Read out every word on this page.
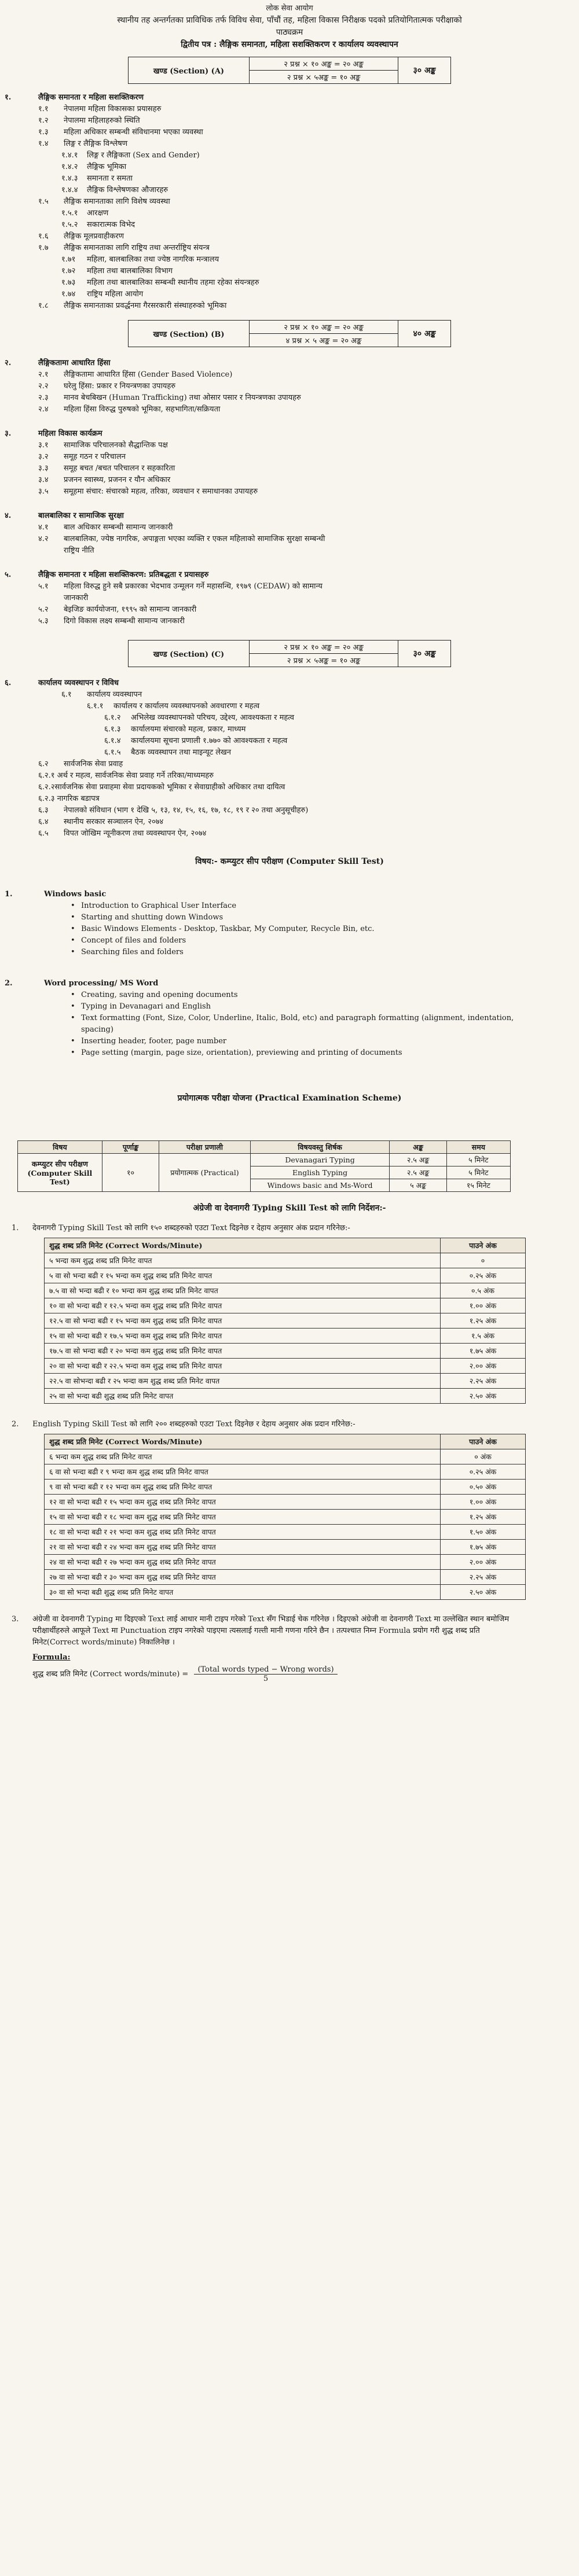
लोक सेवा आयोग
स्थानीय तह अन्तर्गतका प्राविधिक तर्फ विविध सेवा, पाँचौं तह, महिला विकास निरीक्षक पदको प्रतियोगितात्मक परीक्षाको
पाठ्यक्रम
द्वितीय पत्र : लैङ्गिक समानता, महिला सशक्तिकरण र कार्यालय व्यवस्थापन
खण्ड (Section) (A)	२ प्रश्न × १० अङ्क = २० अङ्क	३० अङ्क
२ प्रश्न × ५अङ्क = १० अङ्क
१.	लैङ्गिक समानता र महिला सशक्तिकरण
१.१ नेपालमा महिला विकासका प्रयासहरु
१.२ नेपालमा महिलाहरुको स्थिति
१.३ महिला अधिकार सम्बन्धी संविधानमा भएका व्यवस्था
१.४ लिङ्ग र लैङ्गिक विश्लेषण
१.४.१ लिङ्ग र लैङ्गिकता (Sex and Gender)
१.४.२ लैङ्गिक भूमिका
१.४.३ समानता र समता
१.४.४ लैङ्गिक विश्लेषणका औजारहरु
१.५ लैङ्गिक समानताका लागि विशेष व्यवस्था
१.५.१ आरक्षण
१.५.२ सकारात्मक विभेद
१.६ लैङ्गिक मूलप्रवाहीकरण
१.७ लैङ्गिक समानताका लागि राष्ट्रिय तथा अन्तर्राष्ट्रिय संयन्त्र
१.७१ महिला, बालबालिका तथा ज्येष्ठ नागरिक मन्त्रालय
१.७२ महिला तथा बालबालिका विभाग
१.७३ महिला तथा बालबालिका सम्बन्धी स्थानीय तहमा रहेका संयन्त्रहरु
१.७४ राष्ट्रिय महिला आयोग
१.८ लैङ्गिक समानताका प्रवर्द्धनमा गैरसरकारी संस्थाहरुको भूमिका
खण्ड (Section) (B)	२ प्रश्न × १० अङ्क = २० अङ्क	४० अङ्क
४ प्रश्न × ५ अङ्क = २० अङ्क
२.	लैङ्गिकतामा आधारित हिंसा
२.१ लैङ्गिकतामा आधारित हिंसा (Gender Based Violence)
२.२ घरेलु हिंसा: प्रकार र नियन्त्रणका उपायहरु
२.३ मानव बेचबिखन (Human Trafficking) तथा ओसार पसार र नियन्त्रणका उपायहरु
२.४ महिला हिंसा विरुद्ध पुरुषको भूमिका, सहभागिता/सक्रियता
३.	महिला विकास कार्यक्रम
३.१ सामाजिक परिचालनको सैद्धान्तिक पक्ष
३.२ समूह गठन र परिचालन
३.३ समूह बचत /बचत परिचालन र सहकारिता
३.४ प्रजनन स्वास्थ्य, प्रजनन र यौन अधिकार
३.५ समूहमा संचार: संचारको महत्व, तरिका, व्यवधान र समाधानका उपायहरु
४.	बालबालिका र सामाजिक सुरक्षा
४.१ बाल अधिकार सम्बन्धी सामान्य जानकारी
४.२ बालबालिका, ज्येष्ठ नागरिक, अपाङ्गता भएका व्यक्ति र एकल महिलाको सामाजिक सुरक्षा सम्बन्धी
राष्ट्रिय नीति
५.	लैङ्गिक समानता र महिला सशक्तिकरण: प्रतिबद्धता र प्रयासहरु
५.१ महिला विरुद्ध हुने सबै प्रकारका भेदभाव उन्मूलन गर्ने महासन्धि, १९७९ (CEDAW) को सामान्य
जानकारी
५.२ बेइजिङ कार्ययोजना, १९९५ को सामान्य जानकारी
५.३ दिगो विकास लक्ष्य सम्बन्धी सामान्य जानकारी
खण्ड (Section) (C)	२ प्रश्न × १० अङ्क = २० अङ्क	३० अङ्क
२ प्रश्न × ५अङ्क = १० अङ्क
६.	कार्यालय व्यवस्थापन र विविध
६.१ कार्यालय व्यवस्थापन
६.१.१ कार्यालय र कार्यालय व्यवस्थापनको अवधारणा र महत्व
६.१.२ अभिलेख व्यवस्थापनको परिचय, उद्देश्य, आवश्यकता र महत्व
६.१.३ कार्यालयमा संचारको महत्व, प्रकार, माध्यम
६.१.४ कार्यालयमा सूचना प्रणाली १.७७० को आवश्यकता र महत्व
६.१.५ बैठक व्यवस्थापन तथा माइन्यूट लेखन
६.२ सार्वजनिक सेवा प्रवाह
६.२.१ अर्थ र महत्व, सार्वजनिक सेवा प्रवाह गर्ने तरिका/माध्यमहरु
६.२.२सार्वजनिक सेवा प्रवाहमा सेवा प्रदायकको भूमिका र सेवाग्राहीको अधिकार तथा दायित्व
६.२.३ नागरिक बडापत्र
६.३ नेपालको संविधान (भाग १ देखि ५, १३, १४, १५, १६, १७, १८, १९ र २० तथा अनुसूचीहरु)
६.४ स्थानीय सरकार सञ्चालन ऐन, २०७४
६.५ विपत जोखिम न्यूनीकरण तथा व्यवस्थापन ऐन, २०७४
विषय:- कम्प्युटर सीप परीक्षण (Computer Skill Test)
1.	Windows basic
• Introduction to Graphical User Interface
• Starting and shutting down Windows
• Basic Windows Elements - Desktop, Taskbar, My Computer, Recycle Bin, etc.
• Concept of files and folders
• Searching files and folders
2.	Word processing/ MS Word
• Creating, saving and opening documents
• Typing in Devanagari and English
• Text formatting (Font, Size, Color, Underline, Italic, Bold, etc) and paragraph formatting (alignment, indentation, spacing)
• Inserting header, footer, page number
• Page setting (margin, page size, orientation), previewing and printing of documents
प्रयोगात्मक परीक्षा योजना (Practical Examination Scheme)
विषय	पूर्णाङ्क	परीक्षा प्रणाली	विषयवस्तु शिर्षक	अङ्क	समय
कम्प्युटर सीप परीक्षण (Computer Skill Test)	१०	प्रयोगात्मक (Practical)	Devanagari Typing	२.५ अङ्क	५ मिनेट
			English Typing	२.५ अङ्क	५ मिनेट
			Windows basic and Ms-Word	५ अङ्क	१५ मिनेट
अंग्रेजी वा देवनागरी Typing Skill Test को लागि निर्देशन:-
1. देवनागरी Typing Skill Test को लागि १५० शब्दहरुको एउटा Text दिइनेछ र देहाय अनुसार अंक प्रदान गरिनेछ:-
शुद्ध शब्द प्रति मिनेट (Correct Words/Minute)	पाउने अंक
५ भन्दा कम शुद्ध शब्द प्रति मिनेट वापत	०
५ वा सो भन्दा बढी र १५ भन्दा कम शुद्ध शब्द प्रति मिनेट वापत	०.२५ अंक
७.५ वा सो भन्दा बढी र १० भन्दा कम शुद्ध शब्द प्रति मिनेट वापत	०.५ अंक
१० वा सो भन्दा बढी र १२.५ भन्दा कम शुद्ध शब्द प्रति मिनेट वापत	१.०० अंक
१२.५ वा सो भन्दा बढी र १५ भन्दा कम शुद्ध शब्द प्रति मिनेट वापत	१.२५ अंक
१५ वा सो भन्दा बढी र १७.५ भन्दा कम शुद्ध शब्द प्रति मिनेट वापत	१.५ अंक
१७.५ वा सो भन्दा बढी र २० भन्दा कम शुद्ध शब्द प्रति मिनेट वापत	१.७५ अंक
२० वा सो भन्दा बढी र २२.५ भन्दा कम शुद्ध शब्द प्रति मिनेट वापत	२.०० अंक
२२.५ वा सोभन्दा बढी र २५ भन्दा कम शुद्ध शब्द प्रति मिनेट वापत	२.२५ अंक
२५ वा सो भन्दा बढी शुद्ध शब्द प्रति मिनेट वापत	२.५० अंक
2. English Typing Skill Test को लागि २०० शब्दहरुको एउटा Text दिइनेछ र देहाय अनुसार अंक प्रदान गरिनेछ:-
शुद्ध शब्द प्रति मिनेट (Correct Words/Minute)	पाउने अंक
६ भन्दा कम शुद्ध शब्द प्रति मिनेट वापत	० अंक
६ वा सो भन्दा बढी र ९ भन्दा कम शुद्ध शब्द प्रति मिनेट वापत	०.२५ अंक
९ वा सो भन्दा बढी र १२ भन्दा कम शुद्ध शब्द प्रति मिनेट वापत	०.५० अंक
१२ वा सो भन्दा बढी र १५ भन्दा कम शुद्ध शब्द प्रति मिनेट वापत	१.०० अंक
१५ वा सो भन्दा बढी र १८ भन्दा कम शुद्ध शब्द प्रति मिनेट वापत	१.२५ अंक
१८ वा सो भन्दा बढी र २१ भन्दा कम शुद्ध शब्द प्रति मिनेट वापत	१.५० अंक
२१ वा सो भन्दा बढी र २४ भन्दा कम शुद्ध शब्द प्रति मिनेट वापत	१.७५ अंक
२४ वा सो भन्दा बढी र २७ भन्दा कम शुद्ध शब्द प्रति मिनेट वापत	२.०० अंक
२७ वा सो भन्दा बढी र ३० भन्दा कम शुद्ध शब्द प्रति मिनेट वापत	२.२५ अंक
३० वा सो भन्दा बढी शुद्ध शब्द प्रति मिनेट वापत	२.५० अंक
3. अंग्रेजी वा देवनागरी Typing मा दिइएको Text लाई आधार मानी टाइप गरेको Text सँग भिडाई चेक गरिनेछ । दिइएको अंग्रेजी वा देवनागरी Text मा उल्लेखित स्थान बमोजिम परीक्षार्थीहरुले आफूले Text मा Punctuation टाइप नगरेको पाइएमा त्यसलाई गल्ती मानी गणना गरिने छैन । तत्पश्चात निम्न Formula प्रयोग गरी शुद्ध शब्द प्रति मिनेट(Correct words/minute) निकालिनेछ ।
Formula:
शुद्ध शब्द प्रति मिनेट (Correct words/minute) = $\frac{\text{(Total words typed − Wrong words)}}{5}$
